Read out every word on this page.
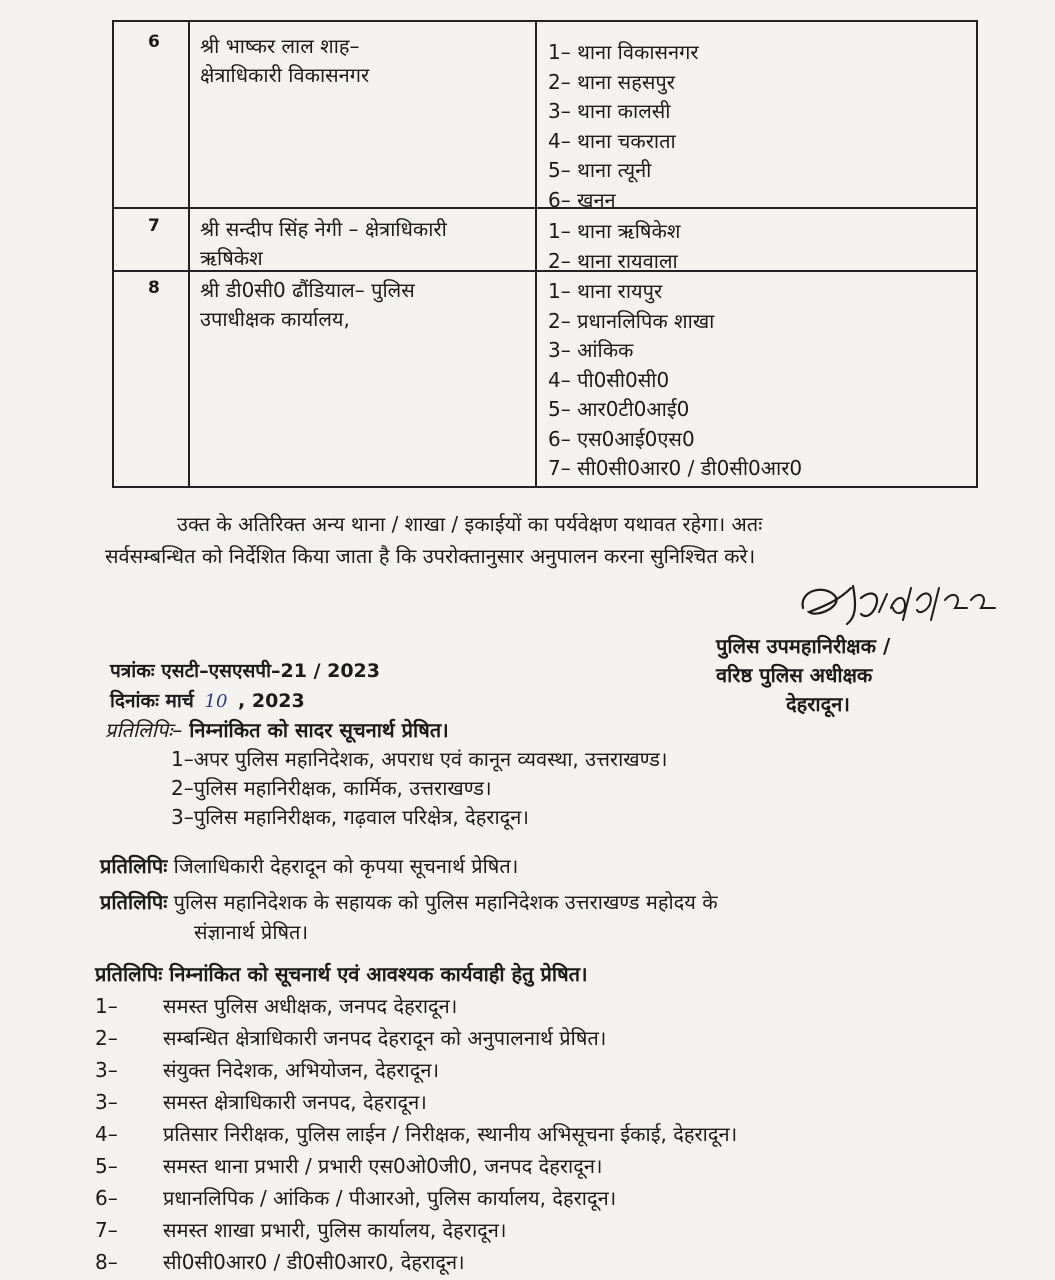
6 श्री भाष्कर लाल शाह–
क्षेत्राधिकारी विकासनगर
1– थाना विकासनगर
2– थाना सहसपुर
3– थाना कालसी
4– थाना चकराता
5– थाना त्यूनी
6– खनन
7 श्री सन्दीप सिंह नेगी – क्षेत्राधिकारी
ऋषिकेश
1– थाना ऋषिकेश
2– थाना रायवाला
8 श्री डी0सी0 ढौंडियाल– पुलिस
उपाधीक्षक कार्यालय,
1– थाना रायपुर
2– प्रधानलिपिक शाखा
3– आंकिक
4– पी0सी0सी0
5– आर0टी0आई0
6– एस0आई0एस0
7– सी0सी0आर0 / डी0सी0आर0
उक्त के अतिरिक्त अन्य थाना / शाखा / इकाईयों का पर्यवेक्षण यथावत रहेगा। अतः
सर्वसम्बन्धित को निर्देशित किया जाता है कि उपरोक्तानुसार अनुपालन करना सुनिश्चित करे।
पुलिस उपमहानिरीक्षक /
वरिष्ठ पुलिस अधीक्षक
देहरादून।
पत्रांकः एसटी–एसएसपी–21 / 2023
दिनांकः मार्च 10 , 2023
प्रतिलिपिः– निम्नांकित को सादर सूचनार्थ प्रेषित।
1–अपर पुलिस महानिदेशक, अपराध एवं कानून व्यवस्था, उत्तराखण्ड।
2–पुलिस महानिरीक्षक, कार्मिक, उत्तराखण्ड।
3–पुलिस महानिरीक्षक, गढ़वाल परिक्षेत्र, देहरादून।
प्रतिलिपिः जिलाधिकारी देहरादून को कृपया सूचनार्थ प्रेषित।
प्रतिलिपिः पुलिस महानिदेशक के सहायक को पुलिस महानिदेशक उत्तराखण्ड महोदय के
संज्ञानार्थ प्रेषित।
प्रतिलिपिः निम्नांकित को सूचनार्थ एवं आवश्यक कार्यवाही हेतु प्रेषित।
1– समस्त पुलिस अधीक्षक, जनपद देहरादून।
2– सम्बन्धित क्षेत्राधिकारी जनपद देहरादून को अनुपालनार्थ प्रेषित।
3– संयुक्त निदेशक, अभियोजन, देहरादून।
3– समस्त क्षेत्राधिकारी जनपद, देहरादून।
4– प्रतिसार निरीक्षक, पुलिस लाईन / निरीक्षक, स्थानीय अभिसूचना ईकाई, देहरादून।
5– समस्त थाना प्रभारी / प्रभारी एस0ओ0जी0, जनपद देहरादून।
6– प्रधानलिपिक / आंकिक / पीआरओ, पुलिस कार्यालय, देहरादून।
7– समस्त शाखा प्रभारी, पुलिस कार्यालय, देहरादून।
8– सी0सी0आर0 / डी0सी0आर0, देहरादून।
